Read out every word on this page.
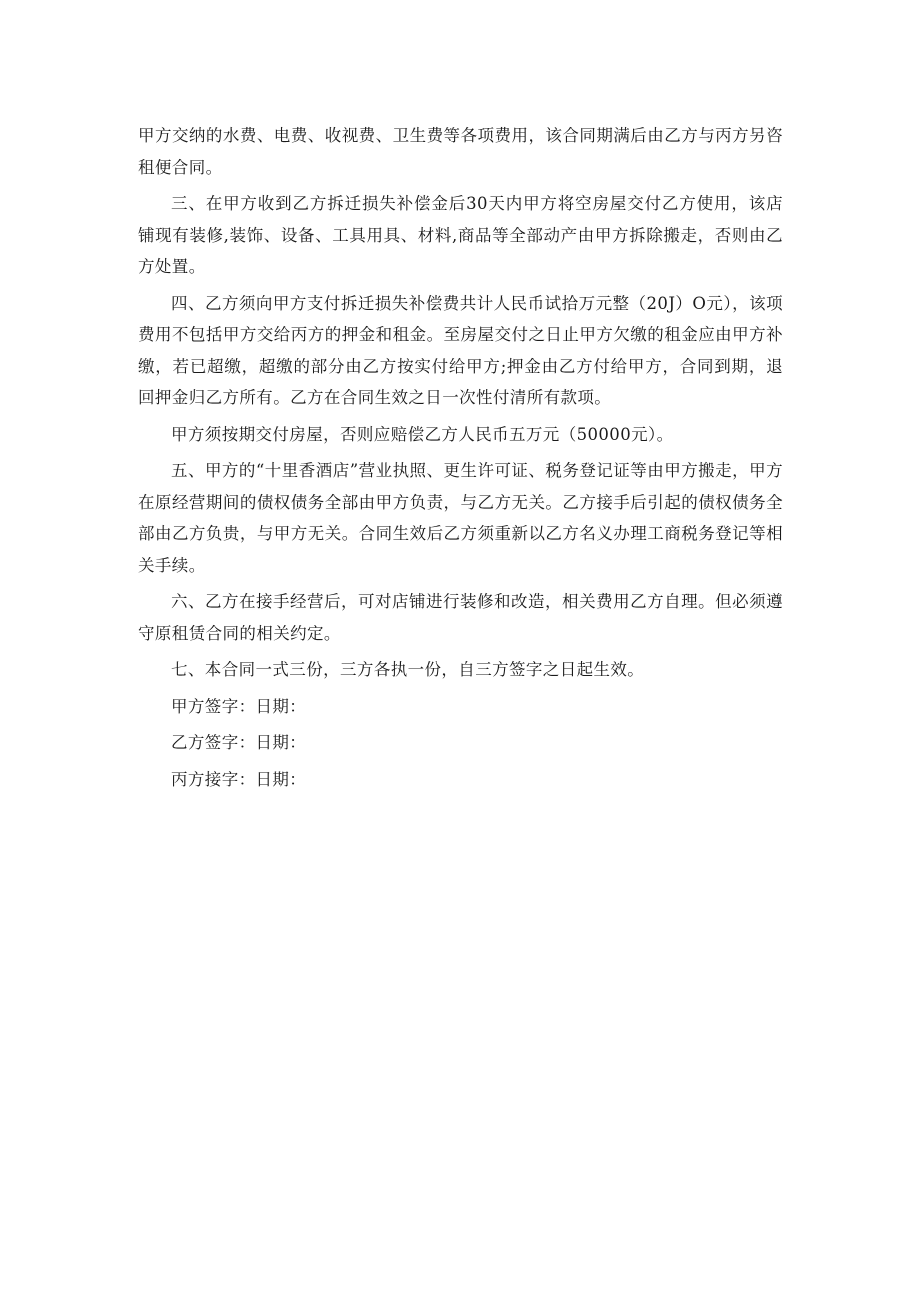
甲方交纳的水费、电费、收视费、卫生费等各项费用，该合同期满后由乙方与丙方另咨租便合同。

三、在甲方收到乙方拆迁损失补偿金后30天内甲方将空房屋交付乙方使用，该店铺现有装修,装饰、设备、工具用具、材料,商品等全部动产由甲方拆除搬走，否则由乙方处置。

四、乙方须向甲方支付拆迁损失补偿费共计人民币试拾万元整（20J）O元），该项费用不包括甲方交给丙方的押金和租金。至房屋交付之日止甲方欠缴的租金应由甲方补缴，若已超缴，超缴的部分由乙方按实付给甲方;押金由乙方付给甲方，合同到期，退回押金归乙方所有。乙方在合同生效之日一次性付清所有款项。

甲方须按期交付房屋，否则应赔偿乙方人民币五万元（50000元）。

五、甲方的“十里香酒店”营业执照、更生许可证、税务登记证等由甲方搬走，甲方在原经营期间的债权债务全部由甲方负责，与乙方无关。乙方接手后引起的债权债务全部由乙方负贵，与甲方无关。合同生效后乙方须重新以乙方名义办理工商税务登记等相关手续。

六、乙方在接手经营后，可对店铺进行装修和改造，相关费用乙方自理。但必须遵守原租赁合同的相关约定。

七、本合同一式三份，三方各执一份，自三方签字之日起生效。

甲方签字：日期：

乙方签字：日期：

丙方接字：日期：
